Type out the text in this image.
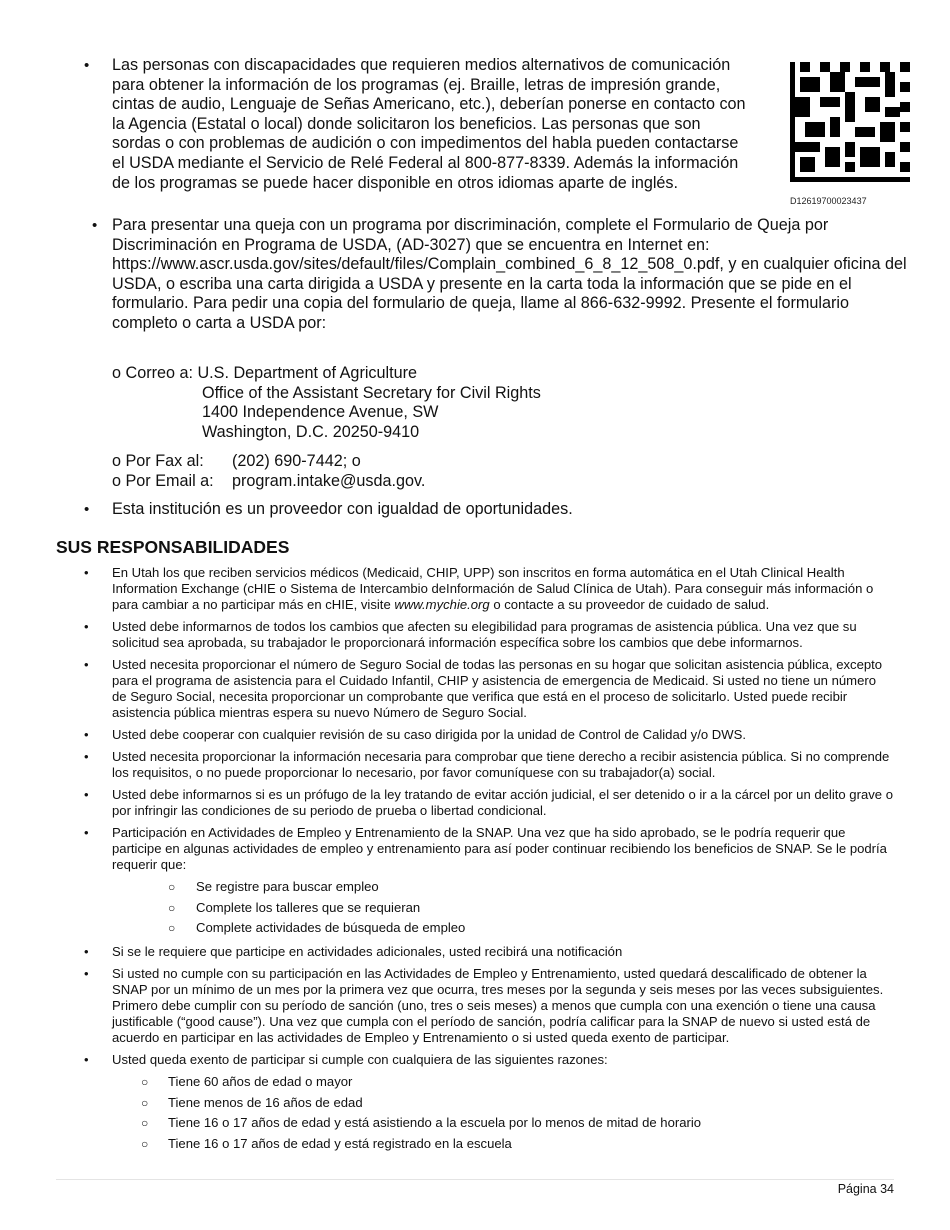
• Las personas con discapacidades que requieren medios alternativos de comunicación para obtener la información de los programas (ej. Braille, letras de impresión grande, cintas de audio, Lenguaje de Señas Americano, etc.), deberían ponerse en contacto con la Agencia (Estatal o local) donde solicitaron los beneficios. Las personas que son sordas o con problemas de audición o con impedimentos del habla pueden contactarse el USDA mediante el Servicio de Relé Federal al 800-877-8339. Además la información de los programas se puede hacer disponible en otros idiomas aparte de inglés.
D12619700023437
• Para presentar una queja con un programa por discriminación, complete el Formulario de Queja por Discriminación en Programa de USDA, (AD-3027) que se encuentra en Internet en: https://www.ascr.usda.gov/sites/default/files/Complain_combined_6_8_12_508_0.pdf, y en cualquier oficina del USDA, o escriba una carta dirigida a USDA y presente en la carta toda la información que se pide en el formulario. Para pedir una copia del formulario de queja, llame al 866-632-9992. Presente el formulario completo o carta a USDA por:
o Correo a:
U.S. Department of Agriculture
Office of the Assistant Secretary for Civil Rights
1400 Independence Avenue, SW
Washington, D.C. 20250-9410
o Por Fax al: (202) 690-7442; o
o Por Email a: program.intake@usda.gov.
• Esta institución es un proveedor con igualdad de oportunidades.
SUS RESPONSABILIDADES
• En Utah los que reciben servicios médicos (Medicaid, CHIP, UPP) son inscritos en forma automática en el Utah Clinical Health Information Exchange (cHIE o Sistema de Intercambio deInformación de Salud Clínica de Utah). Para conseguir más información o para cambiar a no participar más en cHIE, visite www.mychie.org o contacte a su proveedor de cuidado de salud.
• Usted debe informarnos de todos los cambios que afecten su elegibilidad para programas de asistencia pública. Una vez que su solicitud sea aprobada, su trabajador le proporcionará información específica sobre los cambios que debe informarnos.
• Usted necesita proporcionar el número de Seguro Social de todas las personas en su hogar que solicitan asistencia pública, excepto para el programa de asistencia para el Cuidado Infantil, CHIP y asistencia de emergencia de Medicaid. Si usted no tiene un número de Seguro Social, necesita proporcionar un comprobante que verifica que está en el proceso de solicitarlo. Usted puede recibir asistencia pública mientras espera su nuevo Número de Seguro Social.
• Usted debe cooperar con cualquier revisión de su caso dirigida por la unidad de Control de Calidad y/o DWS.
• Usted necesita proporcionar la información necesaria para comprobar que tiene derecho a recibir asistencia pública. Si no comprende los requisitos, o no puede proporcionar lo necesario, por favor comuníquese con su trabajador(a) social.
• Usted debe informarnos si es un prófugo de la ley tratando de evitar acción judicial, el ser detenido o ir a la cárcel por un delito grave o por infringir las condiciones de su periodo de prueba o libertad condicional.
• Participación en Actividades de Empleo y Entrenamiento de la SNAP. Una vez que ha sido aprobado, se le podría requerir que participe en algunas actividades de empleo y entrenamiento para así poder continuar recibiendo los beneficios de SNAP. Se le podría requerir que:
○ Se registre para buscar empleo
○ Complete los talleres que se requieran
○ Complete actividades de búsqueda de empleo
• Si se le requiere que participe en actividades adicionales, usted recibirá una notificación
• Si usted no cumple con su participación en las Actividades de Empleo y Entrenamiento, usted quedará descalificado de obtener la SNAP por un mínimo de un mes por la primera vez que ocurra, tres meses por la segunda y seis meses por las veces subsiguientes. Primero debe cumplir con su período de sanción (uno, tres o seis meses) a menos que cumpla con una exención o tiene una causa justificable (“good cause”). Una vez que cumpla con el período de sanción, podría calificar para la SNAP de nuevo si usted está de acuerdo en participar en las actividades de Empleo y Entrenamiento o si usted queda exento de participar.
• Usted queda exento de participar si cumple con cualquiera de las siguientes razones:
○ Tiene 60 años de edad o mayor
○ Tiene menos de 16 años de edad
○ Tiene 16 o 17 años de edad y está asistiendo a la escuela por lo menos de mitad de horario
○ Tiene 16 o 17 años de edad y está registrado en la escuela
Página 34
